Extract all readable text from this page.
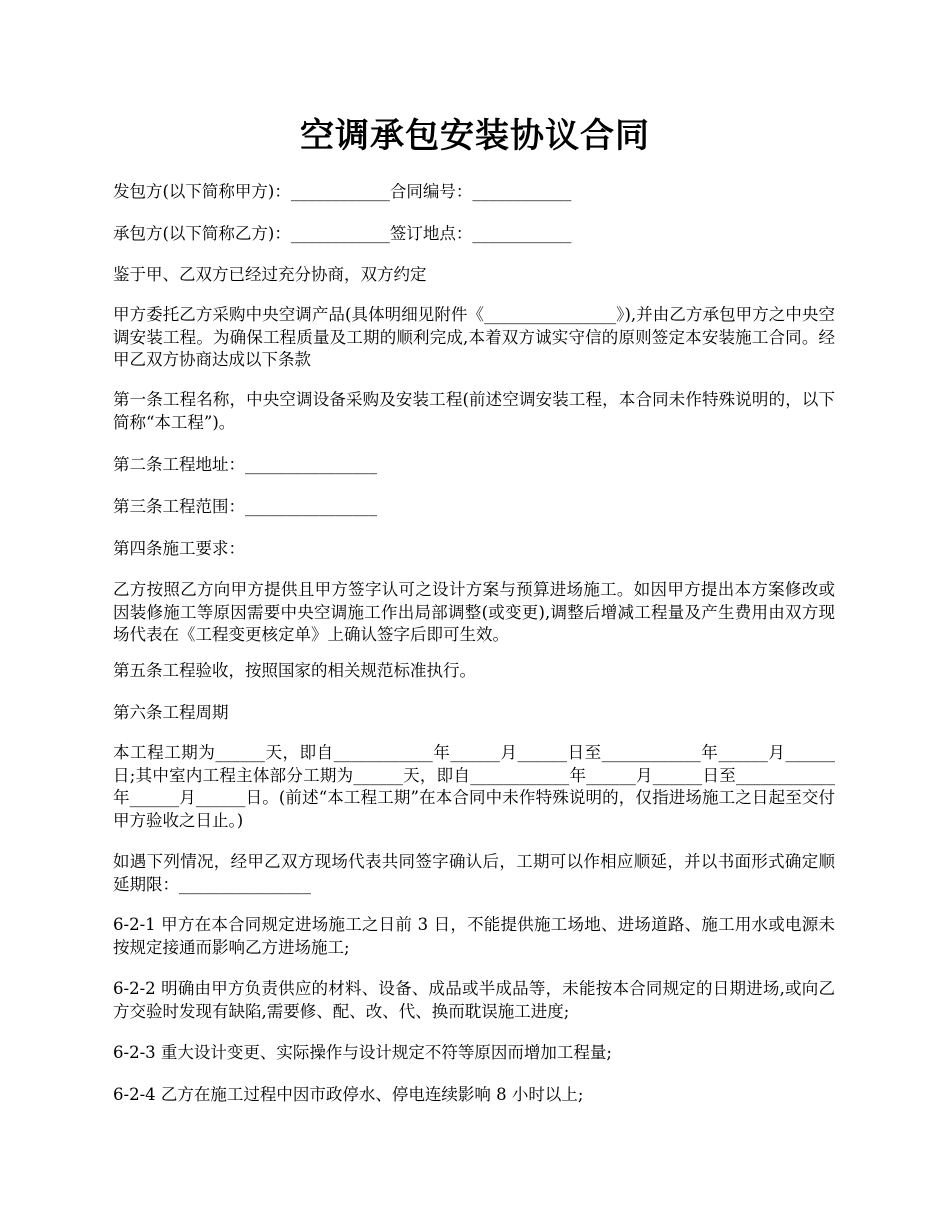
空调承包安装协议合同

发包方(以下简称甲方)：____________合同编号：____________

承包方(以下简称乙方)：____________签订地点：____________

鉴于甲、乙双方已经过充分协商，双方约定

甲方委托乙方采购中央空调产品(具体明细见附件《________________》),并由乙方承包甲方之中央空调安装工程。为确保工程质量及工期的顺利完成,本着双方诚实守信的原则签定本安装施工合同。经甲乙双方协商达成以下条款

第一条工程名称，中央空调设备采购及安装工程(前述空调安装工程，本合同未作特殊说明的，以下简称“本工程”)。

第二条工程地址：________________

第三条工程范围：________________

第四条施工要求：

乙方按照乙方向甲方提供且甲方签字认可之设计方案与预算进场施工。如因甲方提出本方案修改或因装修施工等原因需要中央空调施工作出局部调整(或变更),调整后增减工程量及产生费用由双方现场代表在《工程变更核定单》上确认签字后即可生效。

第五条工程验收，按照国家的相关规范标准执行。

第六条工程周期

本工程工期为______天，即自____________年______月______日至____________年______月______日;其中室内工程主体部分工期为______天，即自____________年______月______日至____________年______月______日。(前述“本工程工期”在本合同中未作特殊说明的，仅指进场施工之日起至交付甲方验收之日止。)

如遇下列情况，经甲乙双方现场代表共同签字确认后，工期可以作相应顺延，并以书面形式确定顺延期限：________________

6-2-1 甲方在本合同规定进场施工之日前 3 日，不能提供施工场地、进场道路、施工用水或电源未按规定接通而影响乙方进场施工;

6-2-2 明确由甲方负责供应的材料、设备、成品或半成品等，未能按本合同规定的日期进场,或向乙方交验时发现有缺陷,需要修、配、改、代、换而耽误施工进度;

6-2-3 重大设计变更、实际操作与设计规定不符等原因而增加工程量;

6-2-4 乙方在施工过程中因市政停水、停电连续影响 8 小时以上;
